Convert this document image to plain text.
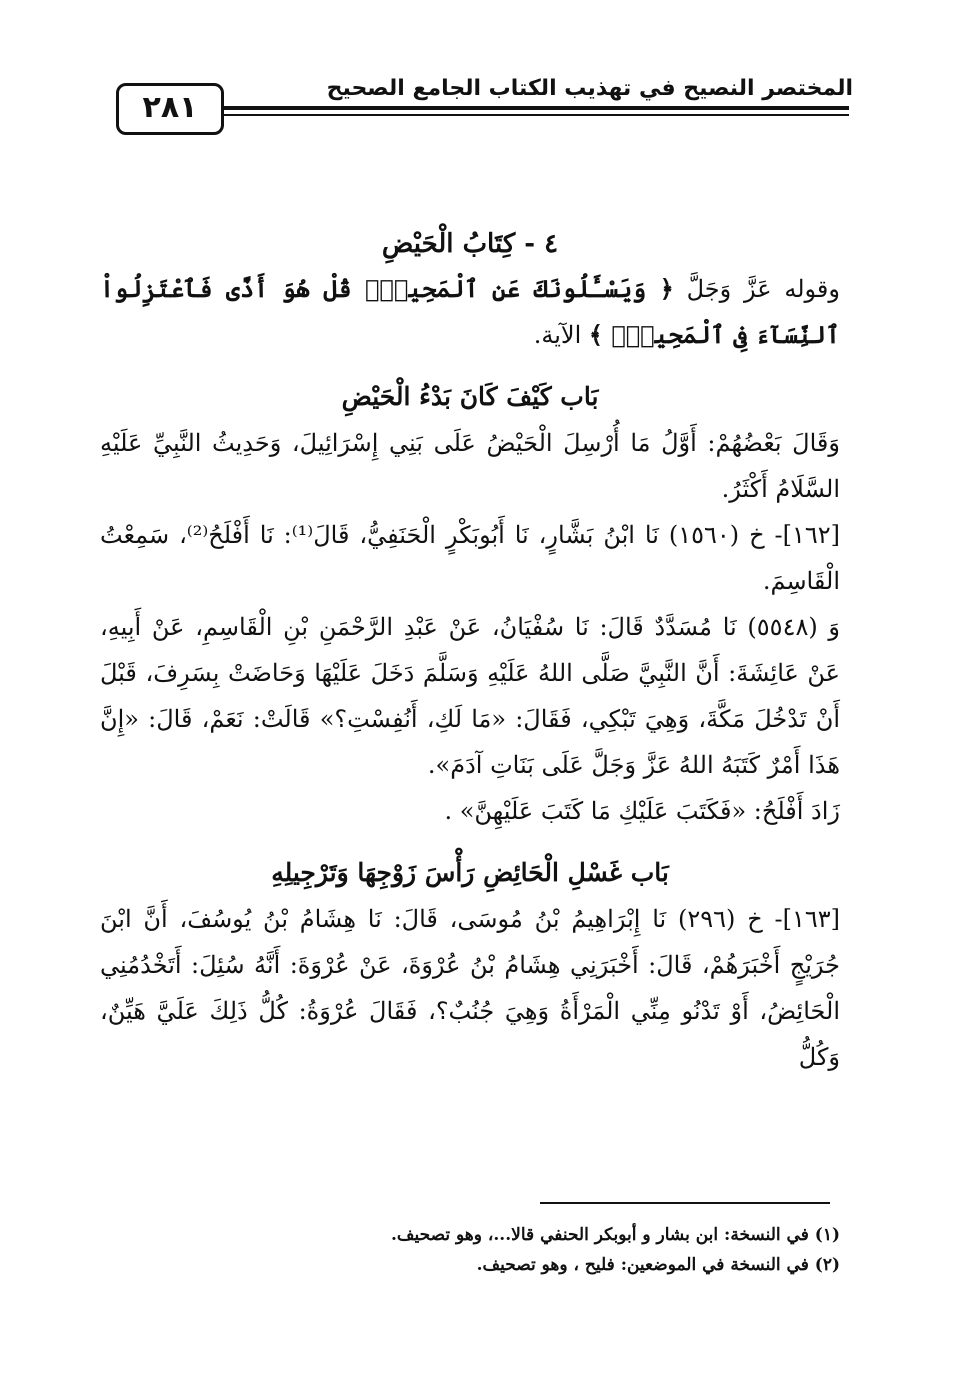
المختصر النصيح في تهذيب الكتاب الجامع الصحيح
٢٨١

٤ - كِتَابُ الْحَيْضِ

وقوله عَزَّ وَجَلَّ ﴿ وَيَسْـَٔلُونَكَ عَنِ ٱلْمَحِيضِۖ قُلْ هُوَ أَذًى فَٱعْتَزِلُواْ ٱلنِّسَآءَ فِى ٱلْمَحِيضِۖ ﴾ الآية.

بَاب كَيْفَ كَانَ بَدْءُ الْحَيْضِ

وَقَالَ بَعْضُهُمْ: أَوَّلُ مَا أُرْسِلَ الْحَيْضُ عَلَى بَنِي إِسْرَائِيلَ، وَحَدِيثُ النَّبِيِّ عَلَيْهِ السَّلَامُ أَكْثَرُ.

[١٦٢]- خ (١٥٦٠) نَا ابْنُ بَشَّارٍ، نَا أَبُوبَكْرٍ الْحَنَفِيُّ، قَالَ⁽¹⁾: نَا أَفْلَحُ⁽²⁾، سَمِعْتُ الْقَاسِمَ.

وَ (٥٥٤٨) نَا مُسَدَّدٌ قَالَ: نَا سُفْيَانُ، عَنْ عَبْدِ الرَّحْمَنِ بْنِ الْقَاسِمِ، عَنْ أَبِيهِ، عَنْ عَائِشَةَ: أَنَّ النَّبِيَّ صَلَّى اللهُ عَلَيْهِ وَسَلَّمَ دَخَلَ عَلَيْهَا وَحَاضَتْ بِسَرِفَ، قَبْلَ أَنْ تَدْخُلَ مَكَّةَ، وَهِيَ تَبْكِي، فَقَالَ: «مَا لَكِ، أَنُفِسْتِ؟» قَالَتْ: نَعَمْ، قَالَ: «إِنَّ هَذَا أَمْرٌ كَتَبَهُ اللهُ عَزَّ وَجَلَّ عَلَى بَنَاتِ آدَمَ».

زَادَ أَفْلَحُ: «فَكَتَبَ عَلَيْكِ مَا كَتَبَ عَلَيْهِنَّ» .

بَاب غَسْلِ الْحَائِضِ رَأْسَ زَوْجِهَا وَتَرْجِيلِهِ

[١٦٣]- خ (٢٩٦) نَا إِبْرَاهِيمُ بْنُ مُوسَى، قَالَ: نَا هِشَامُ بْنُ يُوسُفَ، أَنَّ ابْنَ جُرَيْجٍ أَخْبَرَهُمْ، قَالَ: أَخْبَرَنِي هِشَامُ بْنُ عُرْوَةَ، عَنْ عُرْوَةَ: أَنَّهُ سُئِلَ: أَتَخْدُمُنِي الْحَائِضُ، أَوْ تَدْنُو مِنِّي الْمَرْأَةُ وَهِيَ جُنُبٌ؟، فَقَالَ عُرْوَةُ: كُلُّ ذَلِكَ عَلَيَّ هَيِّنٌ، وَكُلُّ

(١) في النسخة: ابن بشار و أبوبكر الحنفي قالا...، وهو تصحيف.

(٢) في النسخة في الموضعين: فليح ، وهو تصحيف.
